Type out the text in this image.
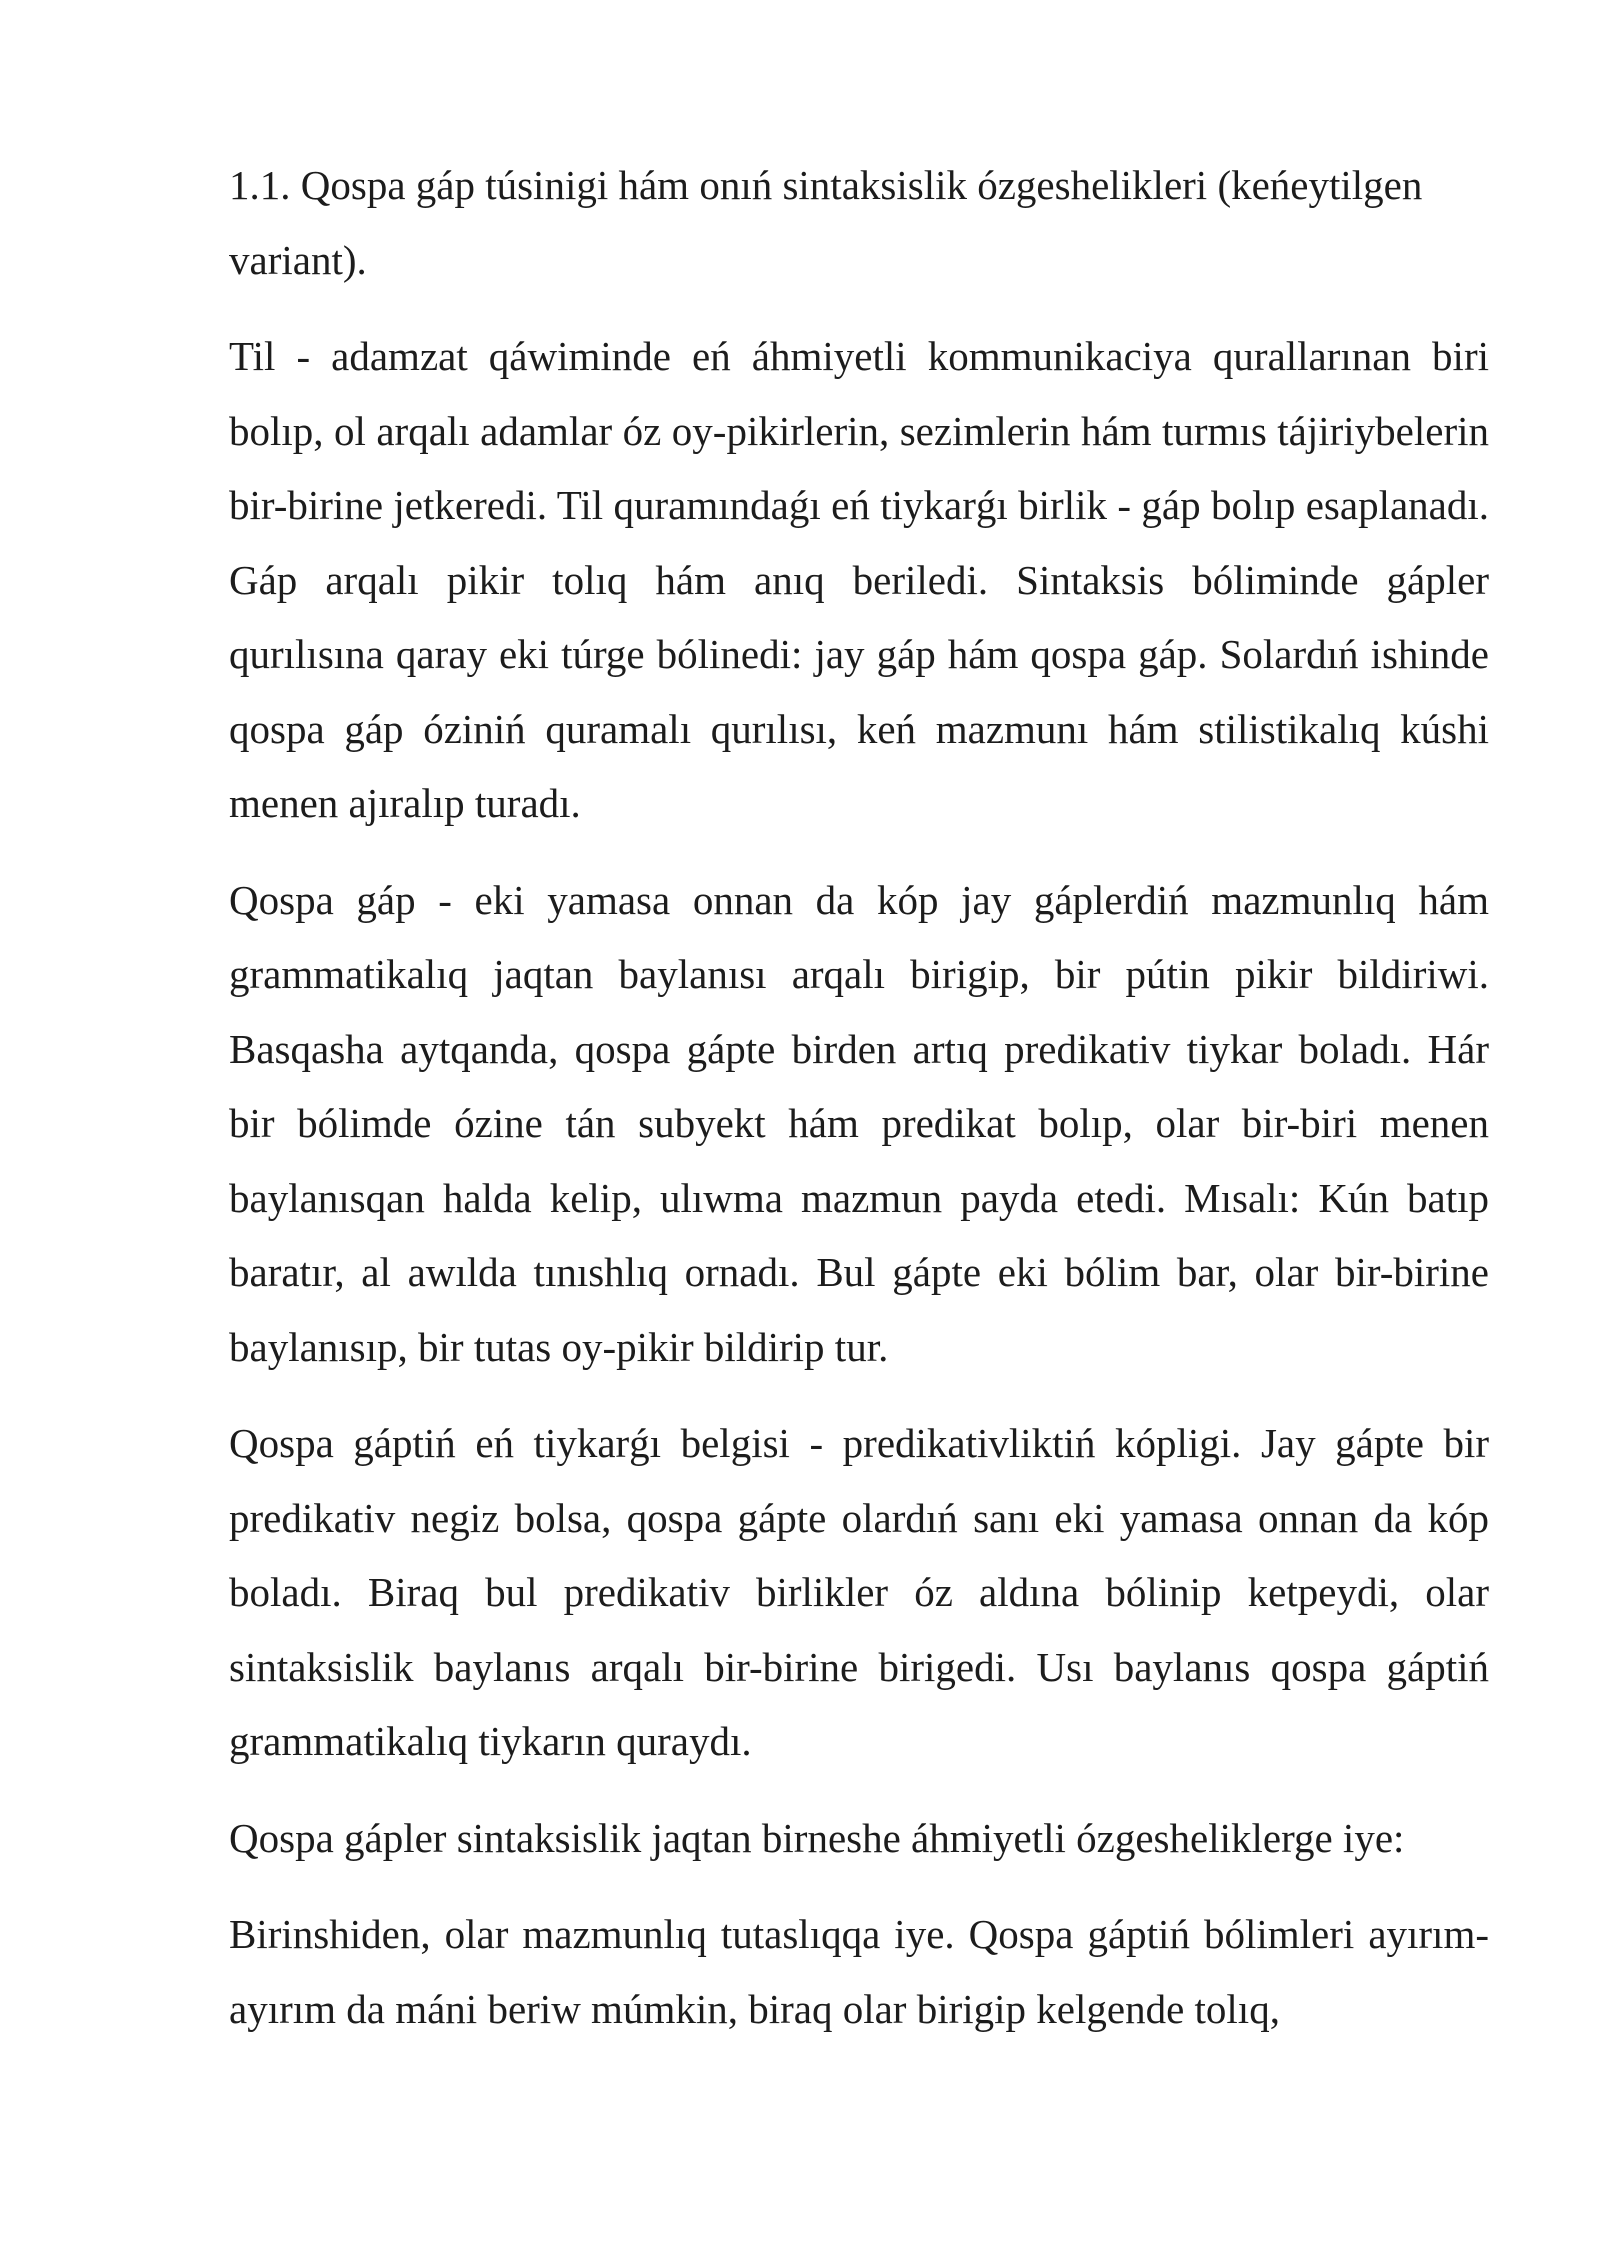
1.1. Qospa gáp túsinigi hám onıń sintaksislik ózgeshelikleri (keńeytilgen variant).

Til - adamzat qáwiminde eń áhmiyetli kommunikaciya qurallarınan biri bolıp, ol arqalı adamlar óz oy-pikirlerin, sezimlerin hám turmıs tájiriybelerin bir-birine jetkeredi. Til quramındaǵı eń tiykarǵı birlik - gáp bolıp esaplanadı. Gáp arqalı pikir tolıq hám anıq beriledi. Sintaksis bóliminde gápler qurılısına qaray eki túrge bólinedi: jay gáp hám qospa gáp. Solardıń ishinde qospa gáp óziniń quramalı qurılısı, keń mazmunı hám stilistikalıq kúshi menen ajıralıp turadı.

Qospa gáp - eki yamasa onnan da kóp jay gáplerdiń mazmunlıq hám grammatikalıq jaqtan baylanısı arqalı birigip, bir pútin pikir bildiriwi. Basqasha aytqanda, qospa gápte birden artıq predikativ tiykar boladı. Hár bir bólimde ózine tán subyekt hám predikat bolıp, olar bir-biri menen baylanısqan halda kelip, ulıwma mazmun payda etedi. Mısalı: Kún batıp baratır, al awılda tınıshlıq ornadı. Bul gápte eki bólim bar, olar bir-birine baylanısıp, bir tutas oy-pikir bildirip tur.

Qospa gáptiń eń tiykarǵı belgisi - predikativliktiń kópligi. Jay gápte bir predikativ negiz bolsa, qospa gápte olardıń sanı eki yamasa onnan da kóp boladı. Biraq bul predikativ birlikler óz aldına bólinip ketpeydi, olar sintaksislik baylanıs arqalı bir-birine birigedi. Usı baylanıs qospa gáptiń grammatikalıq tiykarın quraydı.

Qospa gápler sintaksislik jaqtan birneshe áhmiyetli ózgesheliklerge iye:

Birinshiden, olar mazmunlıq tutaslıqqa iye. Qospa gáptiń bólimleri ayırım-ayırım da máni beriw múmkin, biraq olar birigip kelgende tolıq,
